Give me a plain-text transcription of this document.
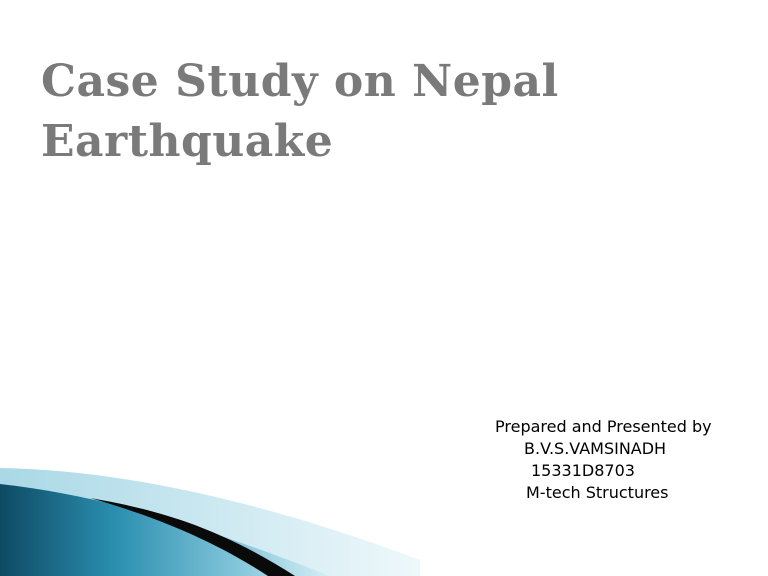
Case Study on Nepal
Earthquake
Prepared and Presented by
B.V.S.VAMSINADH
15331D8703
M-tech Structures
